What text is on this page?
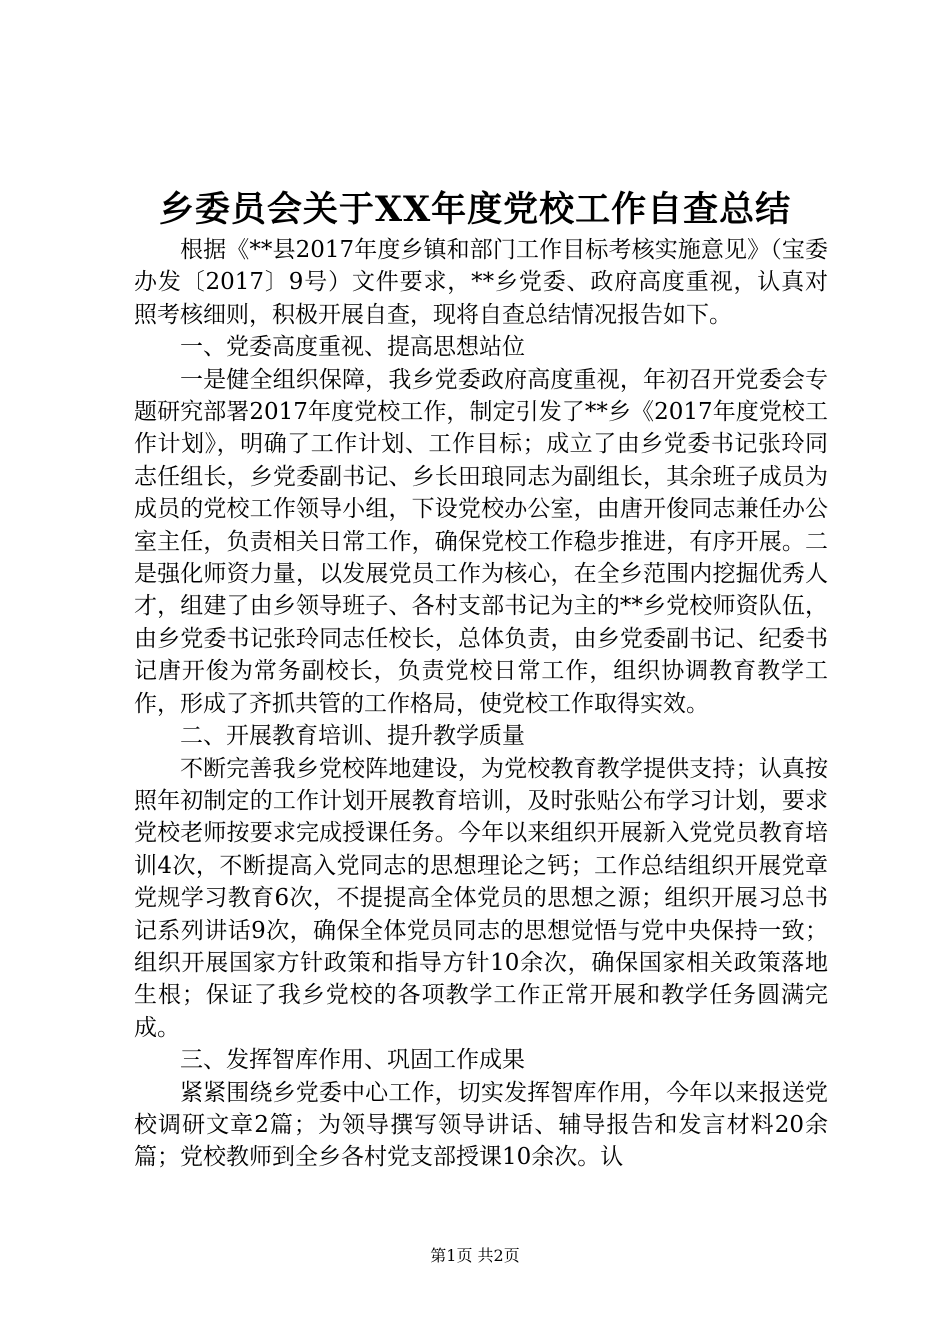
乡委员会关于XX年度党校工作自查总结

根据《**县2017年度乡镇和部门工作目标考核实施意见》（宝委办发〔2017〕9号）文件要求，**乡党委、政府高度重视，认真对照考核细则，积极开展自查，现将自查总结情况报告如下。

一、党委高度重视、提高思想站位

一是健全组织保障，我乡党委政府高度重视，年初召开党委会专题研究部署2017年度党校工作，制定引发了**乡《2017年度党校工作计划》，明确了工作计划、工作目标；成立了由乡党委书记张玲同志任组长，乡党委副书记、乡长田琅同志为副组长，其余班子成员为成员的党校工作领导小组，下设党校办公室，由唐开俊同志兼任办公室主任，负责相关日常工作，确保党校工作稳步推进，有序开展。二是强化师资力量，以发展党员工作为核心，在全乡范围内挖掘优秀人才，组建了由乡领导班子、各村支部书记为主的**乡党校师资队伍，由乡党委书记张玲同志任校长，总体负责，由乡党委副书记、纪委书记唐开俊为常务副校长，负责党校日常工作，组织协调教育教学工作，形成了齐抓共管的工作格局，使党校工作取得实效。

二、开展教育培训、提升教学质量

不断完善我乡党校阵地建设，为党校教育教学提供支持；认真按照年初制定的工作计划开展教育培训，及时张贴公布学习计划，要求党校老师按要求完成授课任务。今年以来组织开展新入党党员教育培训4次，不断提高入党同志的思想理论之钙；工作总结组织开展党章党规学习教育6次，不提提高全体党员的思想之源；组织开展习总书记系列讲话9次，确保全体党员同志的思想觉悟与党中央保持一致；组织开展国家方针政策和指导方针10余次，确保国家相关政策落地生根；保证了我乡党校的各项教学工作正常开展和教学任务圆满完成。

三、发挥智库作用、巩固工作成果

紧紧围绕乡党委中心工作，切实发挥智库作用，今年以来报送党校调研文章2篇；为领导撰写领导讲话、辅导报告和发言材料20余篇；党校教师到全乡各村党支部授课10余次。认

第1页 共2页
